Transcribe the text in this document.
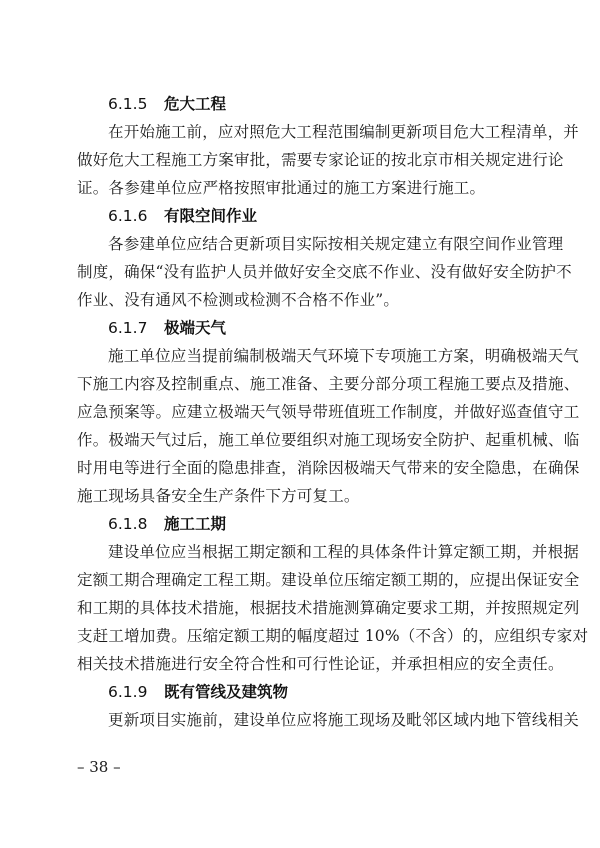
6.1.5 危大工程
在开始施工前，应对照危大工程范围编制更新项目危大工程清单，并
做好危大工程施工方案审批，需要专家论证的按北京市相关规定进行论
证。各参建单位应严格按照审批通过的施工方案进行施工。
6.1.6 有限空间作业
各参建单位应结合更新项目实际按相关规定建立有限空间作业管理
制度，确保“没有监护人员并做好安全交底不作业、没有做好安全防护不
作业、没有通风不检测或检测不合格不作业”。
6.1.7 极端天气
施工单位应当提前编制极端天气环境下专项施工方案，明确极端天气
下施工内容及控制重点、施工准备、主要分部分项工程施工要点及措施、
应急预案等。应建立极端天气领导带班值班工作制度，并做好巡查值守工
作。极端天气过后，施工单位要组织对施工现场安全防护、起重机械、临
时用电等进行全面的隐患排查，消除因极端天气带来的安全隐患，在确保
施工现场具备安全生产条件下方可复工。
6.1.8 施工工期
建设单位应当根据工期定额和工程的具体条件计算定额工期，并根据
定额工期合理确定工程工期。建设单位压缩定额工期的，应提出保证安全
和工期的具体技术措施，根据技术措施测算确定要求工期，并按照规定列
支赶工增加费。压缩定额工期的幅度超过 10%（不含）的，应组织专家对
相关技术措施进行安全符合性和可行性论证，并承担相应的安全责任。
6.1.9 既有管线及建筑物
更新项目实施前，建设单位应将施工现场及毗邻区域内地下管线相关
– 38 –
